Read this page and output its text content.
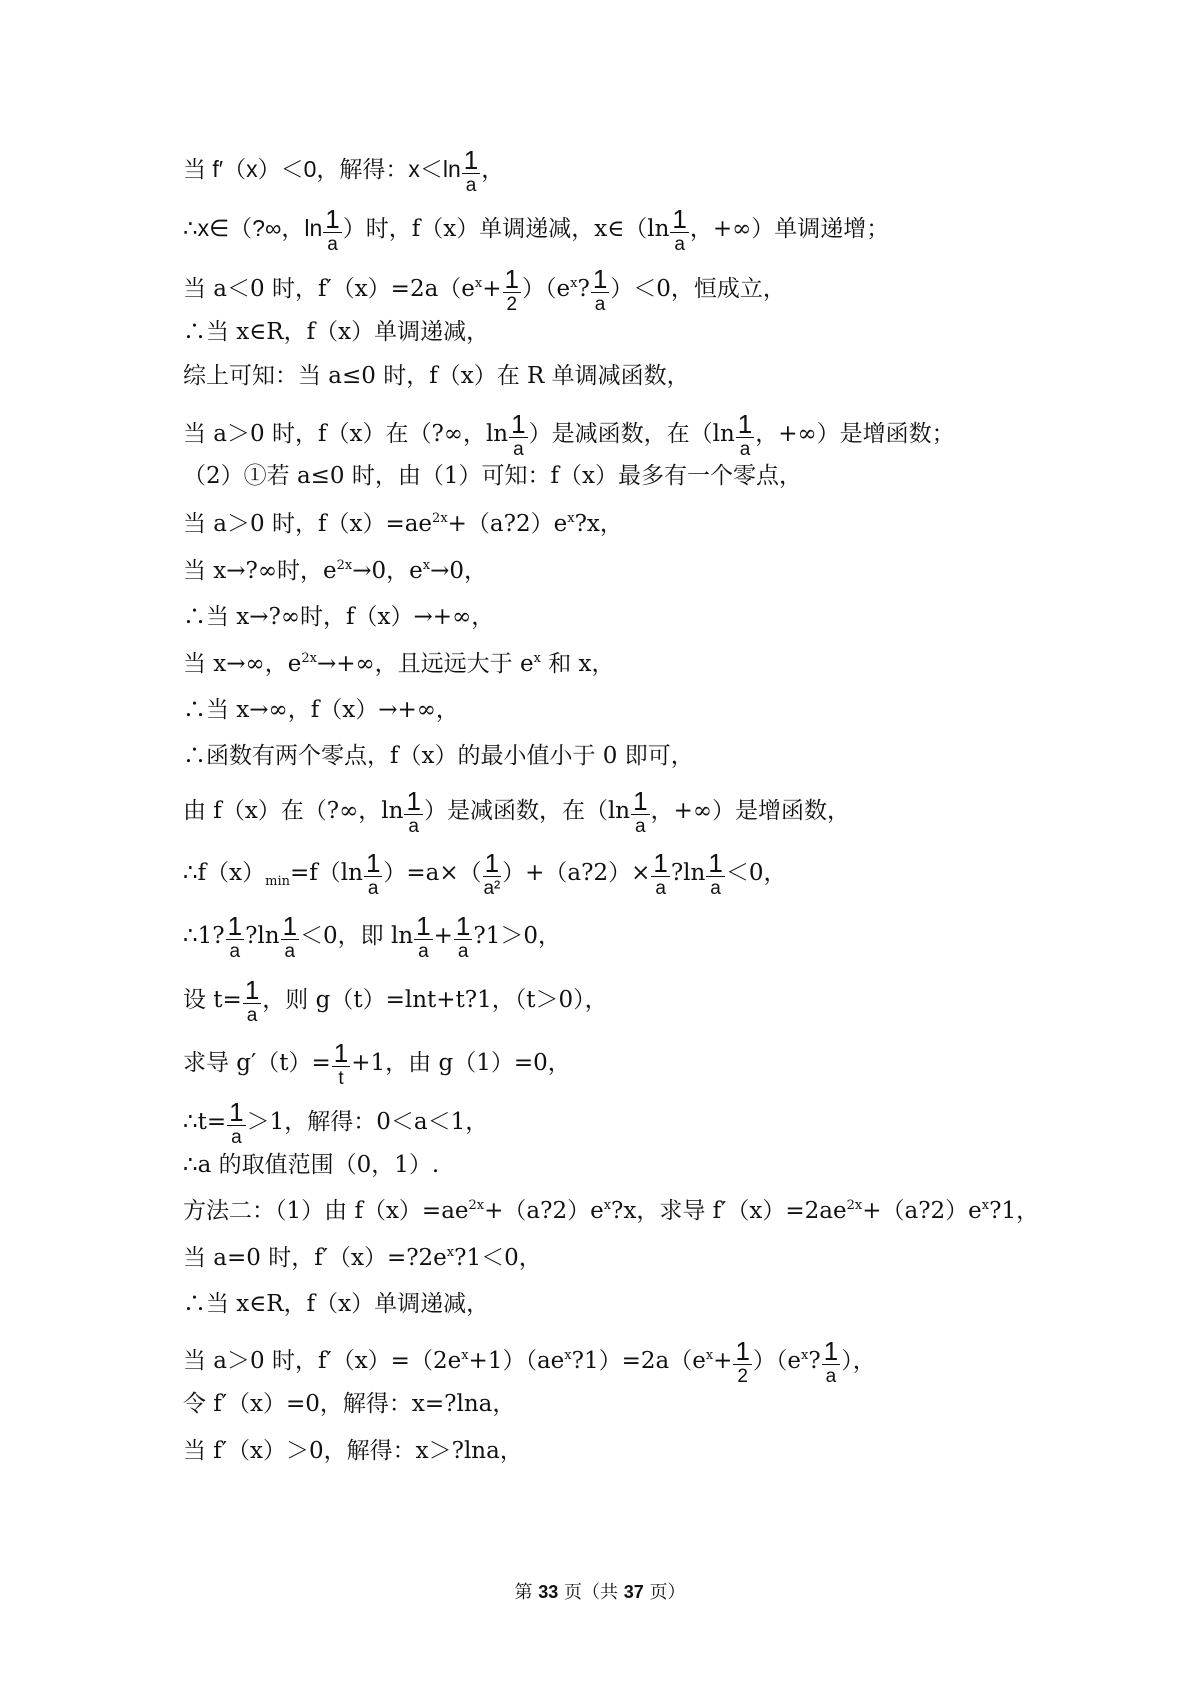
当 f′（x）＜0，解得：$x<\ln \frac{1}{a}$ ，
∴x∈（?∞，$\ln \frac{1}{a}$ ）时，f（x）单调递减，x∈（ln $\frac{1}{a}$ ，+∞）单调递增；
当 a＜0 时，$f'(x)=2a(e^x+ \frac{1}{2} )(e^x$? $\frac{1}{a} )<0$，恒成立，
∴当 x∈R，f（x）单调递减，
综上可知：当 a≤0 时，f（x）在 R 单调减函数，
当 a＞0 时，f（x）在（?∞，$\ln \frac{1}{a}$ ）是减函数，在（$\ln \frac{1}{a}$ ，+∞）是增函数；
（2）①若 a≤0 时，由（1）可知：f（x）最多有一个零点，
当 a＞0 时，$f(x)=ae^{2x}+(a?2)e^x?x$，
当 x→?∞时，$e^{2x}\to 0$，$e^x\to 0$，
∴当 x→?∞时，f（x）→+∞，
当 x→∞，$e^{2x}\to+\infty$，且远远大于 $e^x$ 和 x，
∴当 x→∞，f（x）→+∞，
∴函数有两个零点，f（x）的最小值小于 0 即可，
由 f（x）在（?∞，$\ln \frac{1}{a}$ ）是减函数，在（$\ln \frac{1}{a}$ ，+∞）是增函数，
$\therefore f(x)_{min}=f(\ln \frac{1}{a} )=a\times( \frac{1}{\text{a²}}$ ）+（a?2）× $\frac{1}{a}$ ?ln $\frac{1}{a} <0$，
∴1? $\frac{1}{a}$ ?ln $\frac{1}{a} <0$，即 $\ln \frac{1}{a} + \frac{1}{a}$ ?1＞0，
设 $t= \frac{1}{a}$ ，则 g（t）=lnt+t?1，（t＞0），
求导 $g'(t)= \frac{1}{t} +1$，由 g（1）=0，
∴t= $\frac{1}{a} >1$，解得：0＜a＜1，
∴a 的取值范围（0，1）.
方法二：（1）由 $f(x)=ae^{2x}+(a?2)e^x?x$，求导 $f'(x)=2ae^{2x}+(a?2)e^x?1$，
当 a=0 时，$f'(x)=?2e^x?1<0$，
∴当 x∈R，f（x）单调递减，
当 a＞0 时，$f'(x)=(2e^x+1)(ae^x?1)=2a(e^x+ \frac{1}{2} )(e^x$? $\frac{1}{a}$ ），
令 f′（x）=0，解得：x=?lna，
当 f′（x）＞0，解得：x＞?lna，
第 33 页（共 37 页）
